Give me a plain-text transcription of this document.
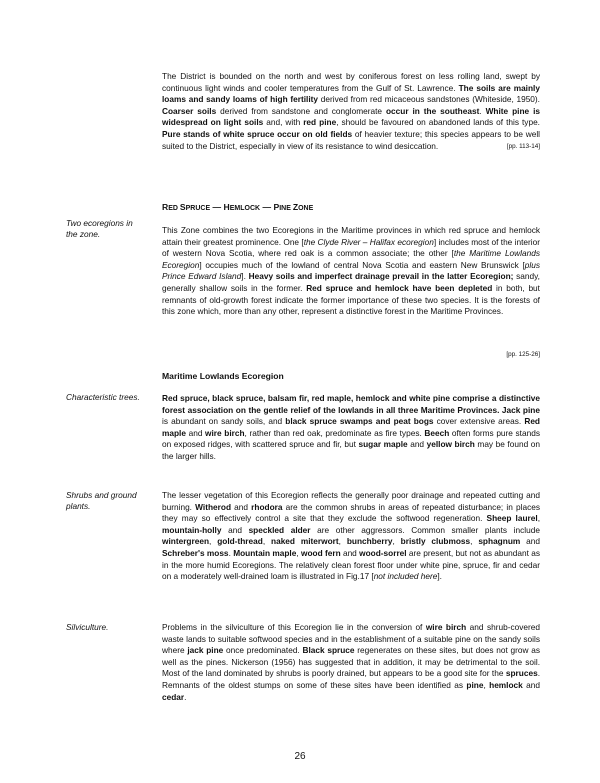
The District is bounded on the north and west by coniferous forest on less rolling land, swept by continuous light winds and cooler temperatures from the Gulf of St. Lawrence. The soils are mainly loams and sandy loams of high fertility derived from red micaceous sandstones (Whiteside, 1950). Coarser soils derived from sandstone and conglomerate occur in the southeast. White pine is widespread on light soils and, with red pine, should be favoured on abandoned lands of this type. Pure stands of white spruce occur on old fields of heavier texture; this species appears to be well suited to the District, especially in view of its resistance to wind desiccation.	[pp. 113-14]
RED SPRUCE — HEMLOCK — PINE ZONE
Two ecoregions in the zone.	This Zone combines the two Ecoregions in the Maritime provinces in which red spruce and hemlock attain their greatest prominence. One [the Clyde River – Halifax ecoregion] includes most of the interior of western Nova Scotia, where red oak is a common associate; the other [the Maritime Lowlands Ecoregion] occupies much of the lowland of central Nova Scotia and eastern New Brunswick [plus Prince Edward Island]. Heavy soils and imperfect drainage prevail in the latter Ecoregion; sandy, generally shallow soils in the former. Red spruce and hemlock have been depleted in both, but remnants of old-growth forest indicate the former importance of these two species. It is the forests of this zone which, more than any other, represent a distinctive forest in the Maritime Provinces.
[pp. 125-26]
Maritime Lowlands Ecoregion
Characteristic trees.	Red spruce, black spruce, balsam fir, red maple, hemlock and white pine comprise a distinctive forest association on the gentle relief of the lowlands in all three Maritime Provinces. Jack pine is abundant on sandy soils, and black spruce swamps and peat bogs cover extensive areas. Red maple and wire birch, rather than red oak, predominate as fire types. Beech often forms pure stands on exposed ridges, with scattered spruce and fir, but sugar maple and yellow birch may be found on the larger hills.
Shrubs and ground plants.
The lesser vegetation of this Ecoregion reflects the generally poor drainage and repeated cutting and burning. Witherod and rhodora are the common shrubs in areas of repeated disturbance; in places they may so effectively control a site that they exclude the softwood regeneration. Sheep laurel, mountain-holly and speckled alder are other aggressors. Common smaller plants include wintergreen, gold-thread, naked miterwort, bunchberry, bristly clubmoss, sphagnum and Schreber's moss. Mountain maple, wood fern and wood-sorrel are present, but not as abundant as in the more humid Ecoregions. The relatively clean forest floor under white pine, spruce, fir and cedar on a moderately well-drained loam is illustrated in Fig.17 [not included here].
Silviculture.	Problems in the silviculture of this Ecoregion lie in the conversion of wire birch and shrub-covered waste lands to suitable softwood species and in the establishment of a suitable pine on the sandy soils where jack pine once predominated. Black spruce regenerates on these sites, but does not grow as well as the pines. Nickerson (1956) has suggested that in addition, it may be detrimental to the soil. Most of the land dominated by shrubs is poorly drained, but appears to be a good site for the spruces. Remnants of the oldest stumps on some of these sites have been identified as pine, hemlock and cedar.
26
